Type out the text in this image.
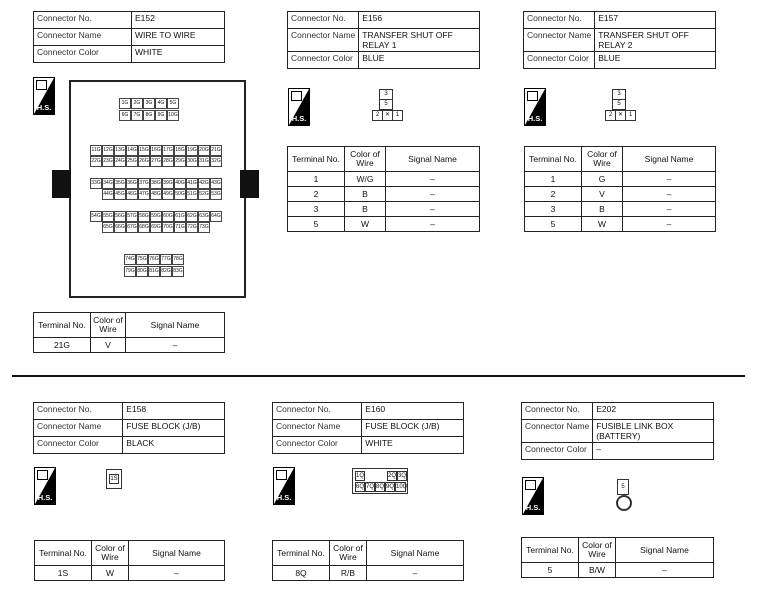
Connector No.	E152
Connector Name	WIRE TO WIRE
Connector Color	WHITE
H.S.	1G	2G	3G	4G	5G
6G	7G	8G	9G 10G
11G 12G 13G 14G 15G 16G 17G 18G 19G 20G 21G
22G 23G 24G 25G 26G 27G 28G 29G 30G 31G 32G
33G 34G 35G 36G 37G 38G 39G 40G 41G 42G 43G
44G 45G 46G 47G 48G 49G 50G 51G 52G 53G
54G 55G 56G 57G 58G 59G 60G 61G 62G 63G 64G
65G 66G 67G 68G 69G 70G 71G 72G 73G
74G 75G 76G 77G 78G
79G 80G 81G 82G 83G
Terminal No.	Color of Wire	Signal Name
21G	V	–
Connector No.	E156
Connector Name	TRANSFER SHUT OFF RELAY 1
Connector Color	BLUE
H.S.
3
5
2 ✕ 1
Terminal No.	Color of Wire	Signal Name
1	W/G	–
2	B	–
3	B	–
5	W	–
Connector No.	E157
Connector Name	TRANSFER SHUT OFF RELAY 2
Connector Color	BLUE
H.S.
3
5
2 ✕ 1
Terminal No.	Color of Wire	Signal Name
1	G	–
2	V	–
3	B	–
5	W	–
Connector No.	E158
Connector Name	FUSE BLOCK (J/B)
Connector Color	BLACK
H.S.
1S
Terminal No.	Color of Wire	Signal Name
1S	W	–
Connector No.	E160
Connector Name	FUSE BLOCK (J/B)
Connector Color	WHITE
H.S.
1Q	2Q 3Q
6Q 7Q 8Q 9Q 10Q
Terminal No.	Color of Wire	Signal Name
8Q	R/B	–
Connector No.	E202
Connector Name	FUSIBLE LINK BOX (BATTERY)
Connector Color	–
H.S.
5
Terminal No.	Color of Wire	Signal Name
5	B/W	–
